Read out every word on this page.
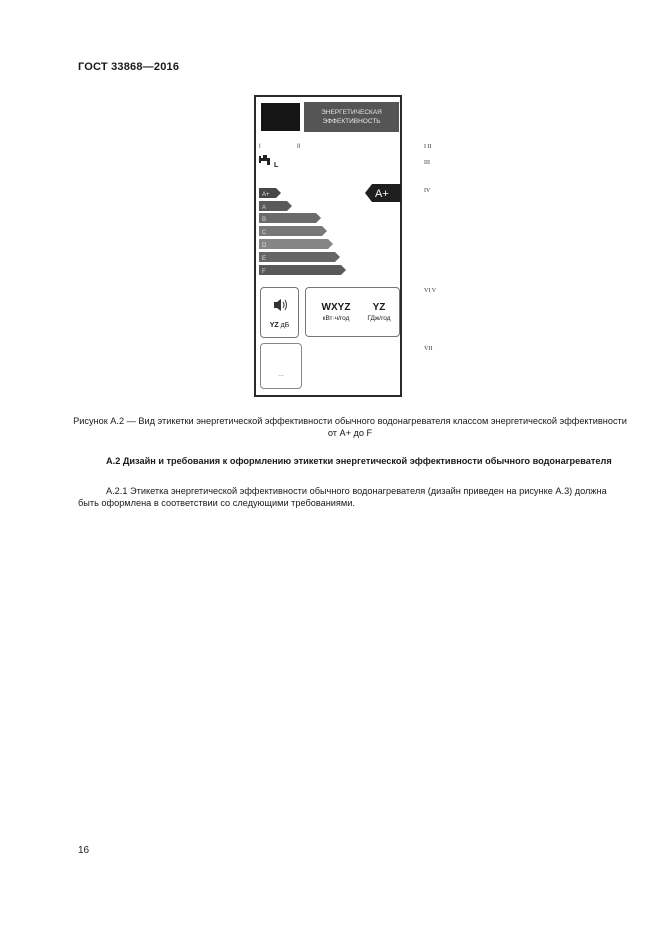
ГОСТ 33868—2016
ЭНЕРГЕТИЧЕСКАЯ
ЭФФЕКТИВНОСТЬ
I	II
L
A+
A
B
C
D
E
F
A+
YZ дБ
WXYZ
кВт·ч/год
YZ
ГДж/год
…
I II
III
IV
VI V
VII
Рисунок А.2 — Вид этикетки энергетической эффективности обычного водонагревателя классом энергетической эффективности от А+ до F
А.2 Дизайн и требования к оформлению этикетки энергетической эффективности обычного водонагревателя
А.2.1 Этикетка энергетической эффективности обычного водонагревателя (дизайн приведен на рисунке А.3) должна быть оформлена в соответствии со следующими требованиями.
16
